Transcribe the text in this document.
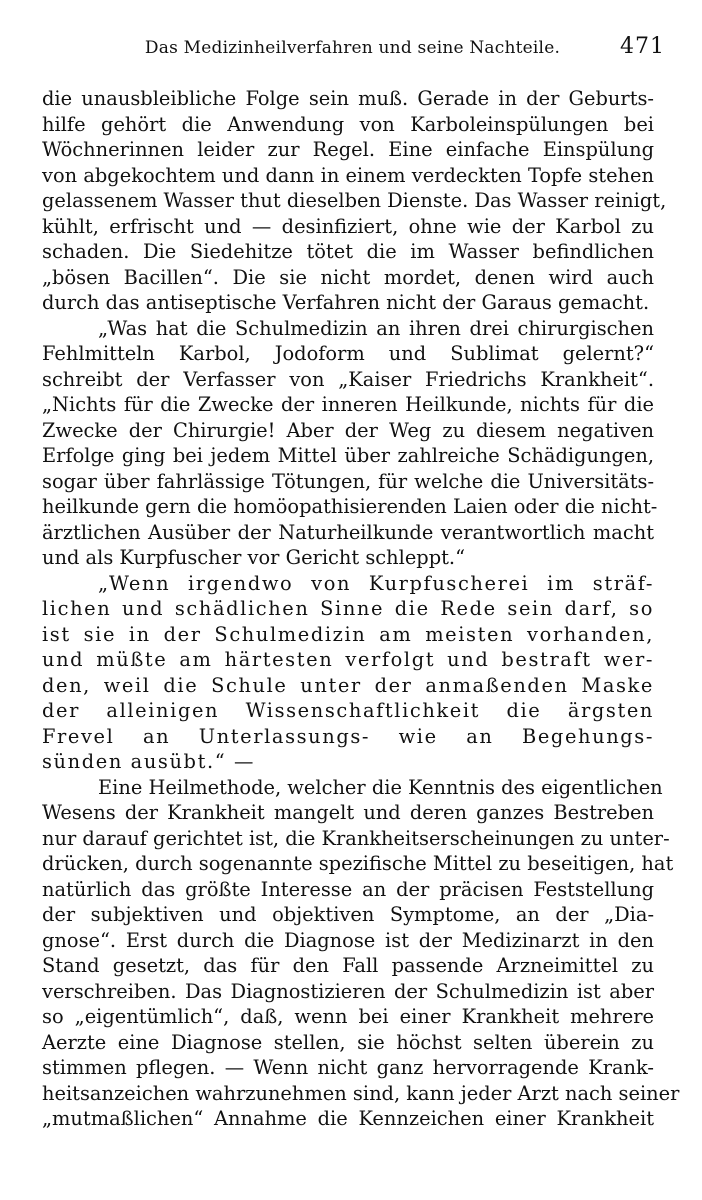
Das Medizinheilverfahren und seine Nachteile.	471
die unausbleibliche Folge sein muß. Gerade in der Geburts-
hilfe gehört die Anwendung von Karboleinspülungen bei
Wöchnerinnen leider zur Regel. Eine einfache Einspülung
von abgekochtem und dann in einem verdeckten Topfe stehen
gelassenem Wasser thut dieselben Dienste. Das Wasser reinigt,
kühlt, erfrischt und — desinfiziert, ohne wie der Karbol zu
schaden. Die Siedehitze tötet die im Wasser befindlichen
„bösen Bacillen“. Die sie nicht mordet, denen wird auch
durch das antiseptische Verfahren nicht der Garaus gemacht.
„Was hat die Schulmedizin an ihren drei chirurgischen
Fehlmitteln Karbol, Jodoform und Sublimat gelernt?“
schreibt der Verfasser von „Kaiser Friedrichs Krankheit“.
„Nichts für die Zwecke der inneren Heilkunde, nichts für die
Zwecke der Chirurgie! Aber der Weg zu diesem negativen
Erfolge ging bei jedem Mittel über zahlreiche Schädigungen,
sogar über fahrlässige Tötungen, für welche die Universitäts-
heilkunde gern die homöopathisierenden Laien oder die nicht-
ärztlichen Ausüber der Naturheilkunde verantwortlich macht
und als Kurpfuscher vor Gericht schleppt.“
„Wenn irgendwo von Kurpfuscherei im sträf-
lichen und schädlichen Sinne die Rede sein darf, so
ist sie in der Schulmedizin am meisten vorhanden,
und müßte am härtesten verfolgt und bestraft wer-
den, weil die Schule unter der anmaßenden Maske
der alleinigen Wissenschaftlichkeit die ärgsten
Frevel an Unterlassungs- wie an Begehungs-
sünden ausübt.“ —
Eine Heilmethode, welcher die Kenntnis des eigentlichen
Wesens der Krankheit mangelt und deren ganzes Bestreben
nur darauf gerichtet ist, die Krankheitserscheinungen zu unter-
drücken, durch sogenannte spezifische Mittel zu beseitigen, hat
natürlich das größte Interesse an der präcisen Feststellung
der subjektiven und objektiven Symptome, an der „Dia-
gnose“. Erst durch die Diagnose ist der Medizinarzt in den
Stand gesetzt, das für den Fall passende Arzneimittel zu
verschreiben. Das Diagnostizieren der Schulmedizin ist aber
so „eigentümlich“, daß, wenn bei einer Krankheit mehrere
Aerzte eine Diagnose stellen, sie höchst selten überein zu
stimmen pflegen. — Wenn nicht ganz hervorragende Krank-
heitsanzeichen wahrzunehmen sind, kann jeder Arzt nach seiner
„mutmaßlichen“ Annahme die Kennzeichen einer Krankheit
